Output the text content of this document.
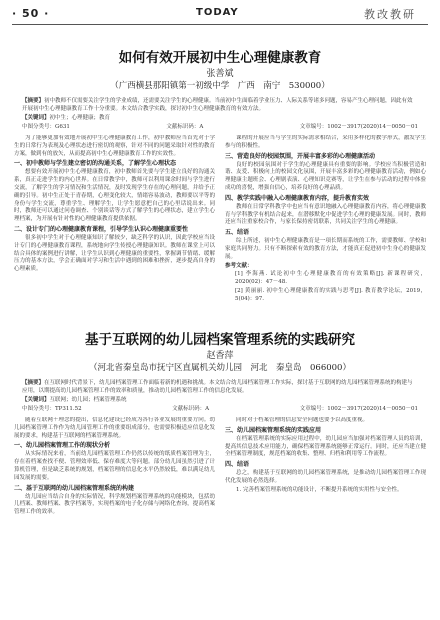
· 50 ·	TODAY	教改教研
如何有效开展初中生心理健康教育
张善斌
（广西横县那阳镇第一初级中学　广西　南宁　530000）
【摘要】初中教师不仅需要关注学生的学业成绩，还需要关注学生的心理健康。当前初中生面临着学业压力、人际关系等诸多问题，容易产生心理问题，因此有效开展初中生心理健康教育工作十分重要。本文结合教学实践，探讨初中生心理健康教育的有效方法。
【关键词】初中生；心理健康；教育
中图分类号：G631	文献标识码：A	文章编号：1002－3917(2020)14－0050－01

为了能够更加有效地开展初中生心理健康教育工作，初中教师应当首先对于学生的日常行为表现及心理状态进行密切的观察，针对不同的问题采取针对性的教育方案，做到有的放矢，从而提高初中生心理健康教育工作的实效性。

一、初中教师与学生建立密切的沟通关系，了解学生心理状态

想要有效开展初中生心理健康教育，初中教师首先要与学生建立良好的沟通关系，真正走进学生的内心世界。在日常教学中，教师可以利用课余时间与学生进行交流，了解学生的学习情况和生活情况，及时发现学生存在的心理问题，并给予正确的引导。初中生正处于青春期，心理变化较大，情绪容易波动，教师要以平等的身份与学生交流，尊重学生、理解学生，让学生愿意把自己的心里话说出来。同时，教师还可以通过问卷调查、个别谈话等方式了解学生的心理状态，建立学生心理档案，为开展有针对性的心理健康教育提供依据。

二、设计专门的心理健康教育课程，引导学生认识心理健康重要性

很多初中学生对于心理健康知识了解较少，缺乏科学的认识，因此学校应当设计专门的心理健康教育课程，系统地向学生传授心理健康知识。教师在课堂上可以结合具体的案例进行讲解，让学生认识到心理健康的重要性，掌握调节情绪、缓解压力的基本方法，学会正确面对学习和生活中遇到的困难和挫折，逐步提高自身的心理素质。

课程的开展应当与学生的实际需求相结合，采用多样化的教学形式，激发学生参与的积极性。

三、营造良好的校园氛围，开展丰富多彩的心理健康活动

良好的校园氛围对于学生的心理健康具有重要的影响。学校应当积极营造和谐、友爱、积极向上的校园文化氛围，开展丰富多彩的心理健康教育活动，例如心理健康主题班会、心理剧表演、心理知识竞赛等，让学生在参与活动的过程中体验成功的喜悦，增强自信心，培养良好的心理品质。

四、教学实践中融入心理健康教育内容，提升教育实效

教师在日常学科教学中也应当有意识地融入心理健康教育内容，将心理健康教育与学科教学有机结合起来，在潜移默化中促进学生心理的健康发展。同时，教师还应当注重家校合作，与家长保持密切联系，共同关注学生的心理健康。

五、结语

综上所述，初中生心理健康教育是一项长期而系统的工作，需要教师、学校和家庭共同努力。只有不断探索有效的教育方法，才能真正促进初中生身心的健康发展。

参考文献：

[1] 李海燕. 试论初中生心理健康教育的有效策略[J]. 新课程研究，2020(02)：47－48.

[2] 黄丽丽. 初中生心理健康教育的实践与思考[J]. 教育教学论坛，2019，5(04)：97.

基于互联网的幼儿园档案管理系统的实践研究
赵香萍
（河北省秦皇岛市抚宁区直属机关幼儿园　河北　秦皇岛　066000）
【摘要】在互联网时代背景下，幼儿园档案管理工作面临着新的机遇和挑战。本文结合幼儿园档案管理工作实际，探讨基于互联网的幼儿园档案管理系统的构建与应用，以期提高幼儿园档案管理工作的效率和质量，推动幼儿园档案管理工作的信息化发展。
【关键词】互联网；幼儿园；档案管理系统
中图分类号：TP311.52	文献标识码：A	文章编号：1002－3917(2020)14－0050－01

随着互联网＋理念的提出，信息化建设已经成为各行各业发展的重要方向。幼儿园档案管理工作作为幼儿园管理工作的重要组成部分，也需要积极适应信息化发展的要求，构建基于互联网的档案管理系统。

一、幼儿园档案管理工作的现状分析

从实际情况来看，当前幼儿园档案管理工作仍然以传统的纸质档案管理为主，存在着档案查找不便、管理效率低、保存难度大等问题。部分幼儿园虽然引进了计算机管理，但是缺乏系统的规划，档案管理的信息化水平仍然较低，难以满足幼儿园发展的需要。

二、基于互联网的幼儿园档案管理系统的构建

幼儿园应当结合自身的实际情况，科学规划档案管理系统的功能模块，包括幼儿档案、教师档案、教学档案等，实现档案的电子化存储与网络化查询，提高档案管理工作的效率。

同时对于档案管理的信息安全问题也要予以高度重视。

三、幼儿园档案管理系统的实践应用

在档案管理系统的实际应用过程中，幼儿园应当加强对档案管理人员的培训，提高其信息技术应用能力，确保档案管理系统能够正常运行。同时，还应当建立健全档案管理制度，规范档案的收集、整理、归档和利用等工作流程。

四、结语

总之，构建基于互联网的幼儿园档案管理系统，是推动幼儿园档案管理工作现代化发展的必然选择。

1. 完善档案管理系统的功能设计，不断提升系统的实用性与安全性。
